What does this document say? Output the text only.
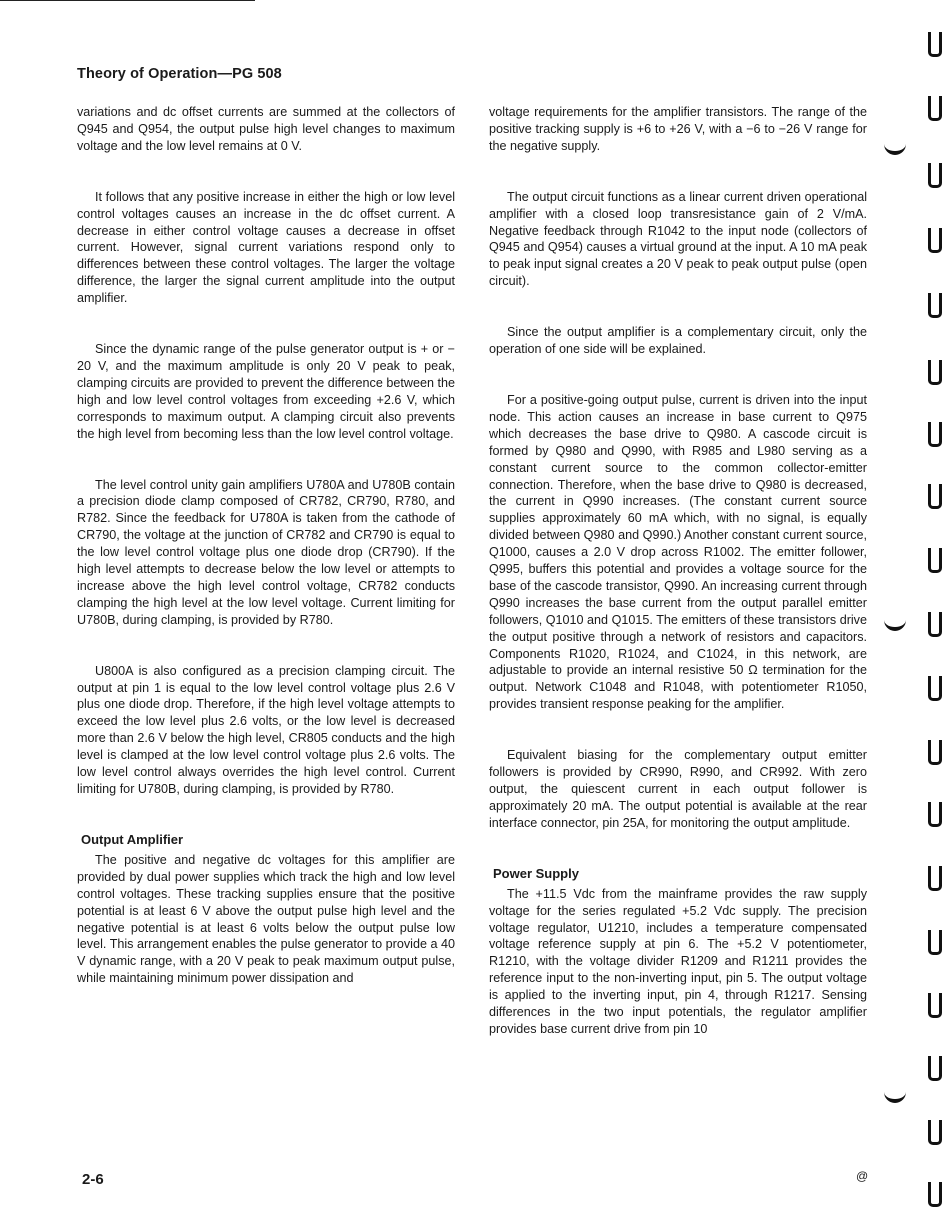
Theory of Operation—PG 508

variations and dc offset currents are summed at the collectors of Q945 and Q954, the output pulse high level changes to maximum voltage and the low level remains at 0 V.

It follows that any positive increase in either the high or low level control voltages causes an increase in the dc offset current. A decrease in either control voltage causes a decrease in offset current. However, signal current variations respond only to differences between these control voltages. The larger the voltage difference, the larger the signal current amplitude into the output amplifier.

Since the dynamic range of the pulse generator output is + or − 20 V, and the maximum amplitude is only 20 V peak to peak, clamping circuits are provided to prevent the difference between the high and low level control voltages from exceeding +2.6 V, which corresponds to maximum output. A clamping circuit also prevents the high level from becoming less than the low level control voltage.

The level control unity gain amplifiers U780A and U780B contain a precision diode clamp composed of CR782, CR790, R780, and R782. Since the feedback for U780A is taken from the cathode of CR790, the voltage at the junction of CR782 and CR790 is equal to the low level control voltage plus one diode drop (CR790). If the high level attempts to decrease below the low level or attempts to increase above the high level control voltage, CR782 conducts clamping the high level at the low level voltage. Current limiting for U780B, during clamping, is provided by R780.

U800A is also configured as a precision clamping circuit. The output at pin 1 is equal to the low level control voltage plus 2.6 V plus one diode drop. Therefore, if the high level voltage attempts to exceed the low level plus 2.6 volts, or the low level is decreased more than 2.6 V below the high level, CR805 conducts and the high level is clamped at the low level control voltage plus 2.6 volts. The low level control always overrides the high level control. Current limiting for U780B, during clamping, is provided by R780.

Output Amplifier

The positive and negative dc voltages for this amplifier are provided by dual power supplies which track the high and low level control voltages. These tracking supplies ensure that the positive potential is at least 6 V above the output pulse high level and the negative potential is at least 6 volts below the output pulse low level. This arrangement enables the pulse generator to provide a 40 V dynamic range, with a 20 V peak to peak maximum output pulse, while maintaining minimum power dissipation and

voltage requirements for the amplifier transistors. The range of the positive tracking supply is +6 to +26 V, with a −6 to −26 V range for the negative supply.

The output circuit functions as a linear current driven operational amplifier with a closed loop transresistance gain of 2 V/mA. Negative feedback through R1042 to the input node (collectors of Q945 and Q954) causes a virtual ground at the input. A 10 mA peak to peak input signal creates a 20 V peak to peak output pulse (open circuit).

Since the output amplifier is a complementary circuit, only the operation of one side will be explained.

For a positive-going output pulse, current is driven into the input node. This action causes an increase in base current to Q975 which decreases the base drive to Q980. A cascode circuit is formed by Q980 and Q990, with R985 and L980 serving as a constant current source to the common collector-emitter connection. Therefore, when the base drive to Q980 is decreased, the current in Q990 increases. (The constant current source supplies approximately 60 mA which, with no signal, is equally divided between Q980 and Q990.) Another constant current source, Q1000, causes a 2.0 V drop across R1002. The emitter follower, Q995, buffers this potential and provides a voltage source for the base of the cascode transistor, Q990. An increasing current through Q990 increases the base current from the output parallel emitter followers, Q1010 and Q1015. The emitters of these transistors drive the output positive through a network of resistors and capacitors. Components R1020, R1024, and C1024, in this network, are adjustable to provide an internal resistive 50 Ω termination for the output. Network C1048 and R1048, with potentiometer R1050, provides transient response peaking for the amplifier.

Equivalent biasing for the complementary output emitter followers is provided by CR990, R990, and CR992. With zero output, the quiescent current in each output follower is approximately 20 mA. The output potential is available at the rear interface connector, pin 25A, for monitoring the output amplitude.

Power Supply

The +11.5 Vdc from the mainframe provides the raw supply voltage for the series regulated +5.2 Vdc supply. The precision voltage regulator, U1210, includes a temperature compensated voltage reference supply at pin 6. The +5.2 V potentiometer, R1210, with the voltage divider R1209 and R1211 provides the reference input to the non-inverting input, pin 5. The output voltage is applied to the inverting input, pin 4, through R1217. Sensing differences in the two input potentials, the regulator amplifier provides base current drive from pin 10

2-6	@
